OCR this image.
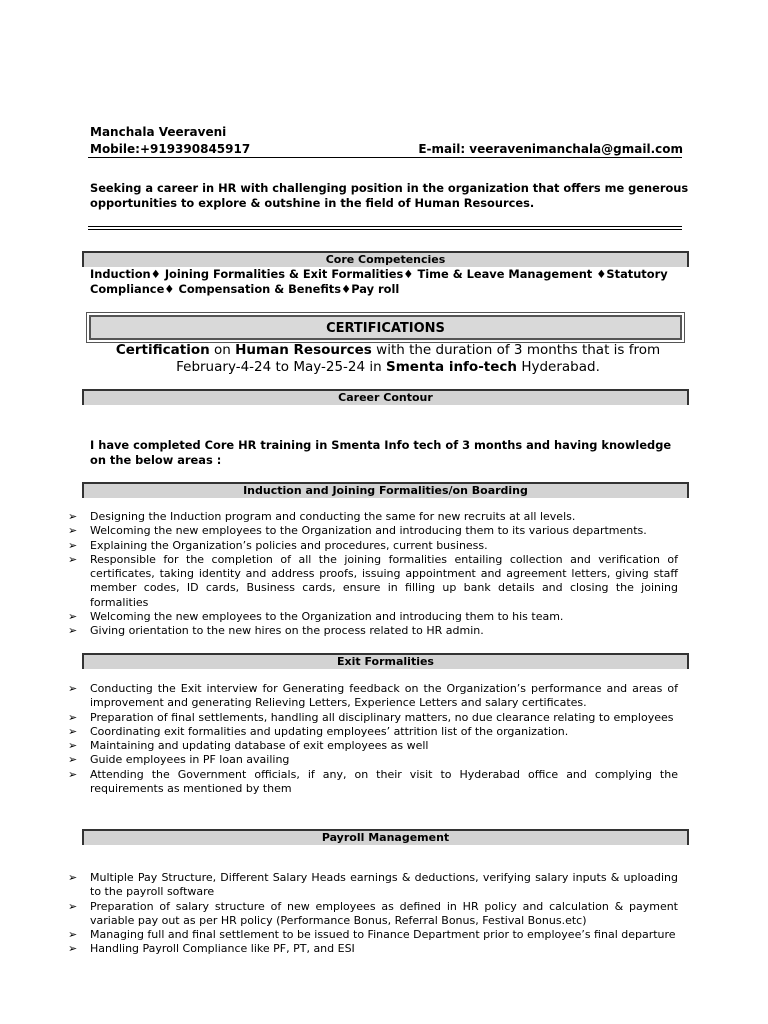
Manchala Veeraveni
Mobile:+919390845917	E-mail: veeravenimanchala@gmail.com
Seeking a career in HR with challenging position in the organization that offers me generous opportunities to explore & outshine in the field of Human Resources.
Core Competencies
Induction♦ Joining Formalities & Exit Formalities♦ Time & Leave Management ♦Statutory Compliance♦ Compensation & Benefits♦Pay roll
CERTIFICATIONS
Certification on Human Resources with the duration of 3 months that is from February-4-24 to May-25-24 in Smenta info-tech Hyderabad.
Career Contour
I have completed Core HR training in Smenta Info tech of 3 months and having knowledge on the below areas :
Induction and Joining Formalities/on Boarding
➢ Designing the Induction program and conducting the same for new recruits at all levels.
➢ Welcoming the new employees to the Organization and introducing them to its various departments.
➢ Explaining the Organization’s policies and procedures, current business.
➢ Responsible for the completion of all the joining formalities entailing collection and verification of certificates, taking identity and address proofs, issuing appointment and agreement letters, giving staff member codes, ID cards, Business cards, ensure in filling up bank details and closing the joining formalities
➢ Welcoming the new employees to the Organization and introducing them to his team.
➢ Giving orientation to the new hires on the process related to HR admin.
Exit Formalities
➢ Conducting the Exit interview for Generating feedback on the Organization’s performance and areas of improvement and generating Relieving Letters, Experience Letters and salary certificates.
➢ Preparation of final settlements, handling all disciplinary matters, no due clearance relating to employees
➢ Coordinating exit formalities and updating employees’ attrition list of the organization.
➢ Maintaining and updating database of exit employees as well
➢ Guide employees in PF loan availing
➢ Attending the Government officials, if any, on their visit to Hyderabad office and complying the requirements as mentioned by them
Payroll Management
➢ Multiple Pay Structure, Different Salary Heads earnings & deductions, verifying salary inputs & uploading to the payroll software
➢ Preparation of salary structure of new employees as defined in HR policy and calculation & payment variable pay out as per HR policy (Performance Bonus, Referral Bonus, Festival Bonus.etc)
➢ Managing full and final settlement to be issued to Finance Department prior to employee’s final departure
➢ Handling Payroll Compliance like PF, PT, and ESI
